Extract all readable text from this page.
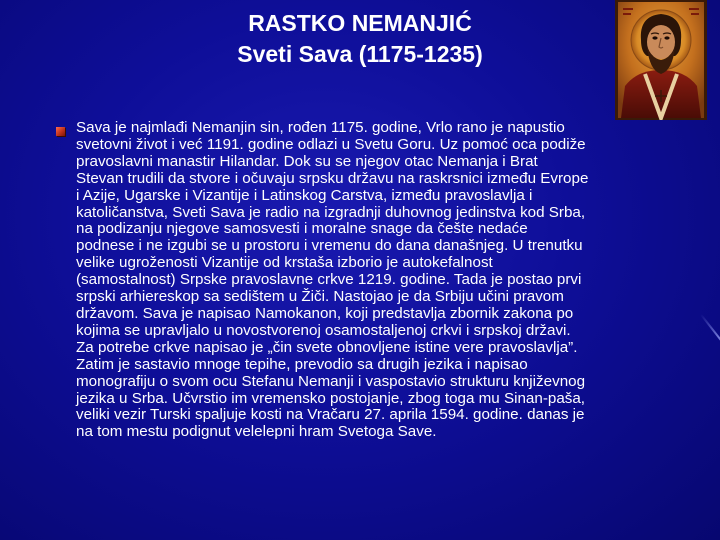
RASTKO NEMANJIĆ
Sveti Sava (1175-1235)
Sava je najmlađi Nemanjin sin, rođen 1175. godine, Vrlo rano je napustio
svetovni život i već 1191. godine odlazi u Svetu Goru. Uz pomoć oca podiže
pravoslavni manastir Hilandar. Dok su se njegov otac Nemanja i Brat
Stevan trudili da stvore i očuvaju srpsku državu na raskrsnici između Evrope
i Azije, Ugarske i Vizantije i Latinskog Carstva, između pravoslavlja i
katoličanstva, Sveti Sava je radio na izgradnji duhovnog jedinstva kod Srba,
na podizanju njegove samosvesti i moralne snage da češte nedaće
podnese i ne izgubi se u prostoru i vremenu do dana današnjeg. U trenutku
velike ugroženosti Vizantije od krstaša izborio je autokefalnost
(samostalnost) Srpske pravoslavne crkve 1219. godine. Tada je postao prvi
srpski arhiereskop sa sedištem u Žiči. Nastojao je da Srbiju učini pravom
državom. Sava je napisao Namokanon, koji predstavlja zbornik zakona po
kojima se upravljalo u novostvorenoj osamostaljenoj crkvi i srpskoj državi.
Za potrebe crkve napisao je „čin svete obnovljene istine vere pravoslavlja”.
Zatim je sastavio mnoge tepihe, prevodio sa drugih jezika i napisao
monografiju o svom ocu Stefanu Nemanji i vaspostavio strukturu književnog
jezika u Srba. Učvrstio im vremensko postojanje, zbog toga mu Sinan-paša,
veliki vezir Turski spaljuje kosti na Vračaru 27. aprila 1594. godine. danas je
na tom mestu podignut velelepni hram Svetoga Save.
